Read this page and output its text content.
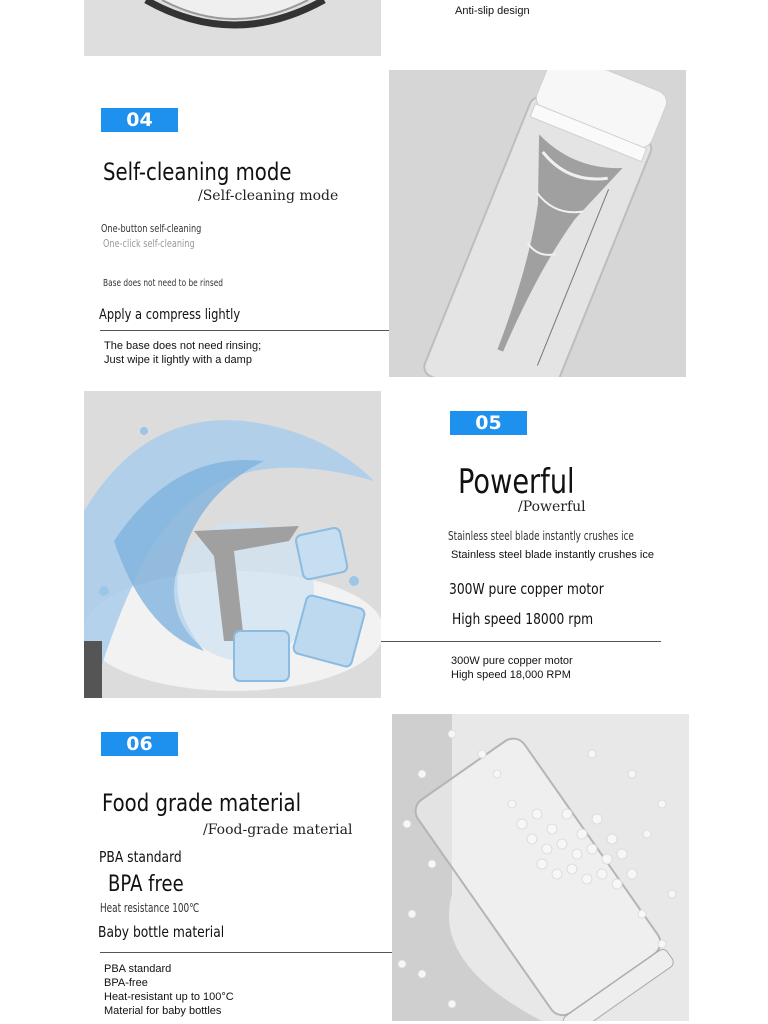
Anti-slip design
04
Self-cleaning mode
/Self-cleaning mode
One-button self-cleaning
One-click self-cleaning
Base does not need to be rinsed
Apply a compress lightly
The base does not need rinsing;
Just wipe it lightly with a damp
05
Powerful
/Powerful
Stainless steel blade instantly crushes ice
Stainless steel blade instantly crushes ice
300W pure copper motor
High speed 18000 rpm
300W pure copper motor
High speed 18,000 RPM
06
Food grade material
/Food-grade material
PBA standard
BPA free
Heat resistance 100℃
Baby bottle material
PBA standard
BPA-free
Heat-resistant up to 100°C
Material for baby bottles
